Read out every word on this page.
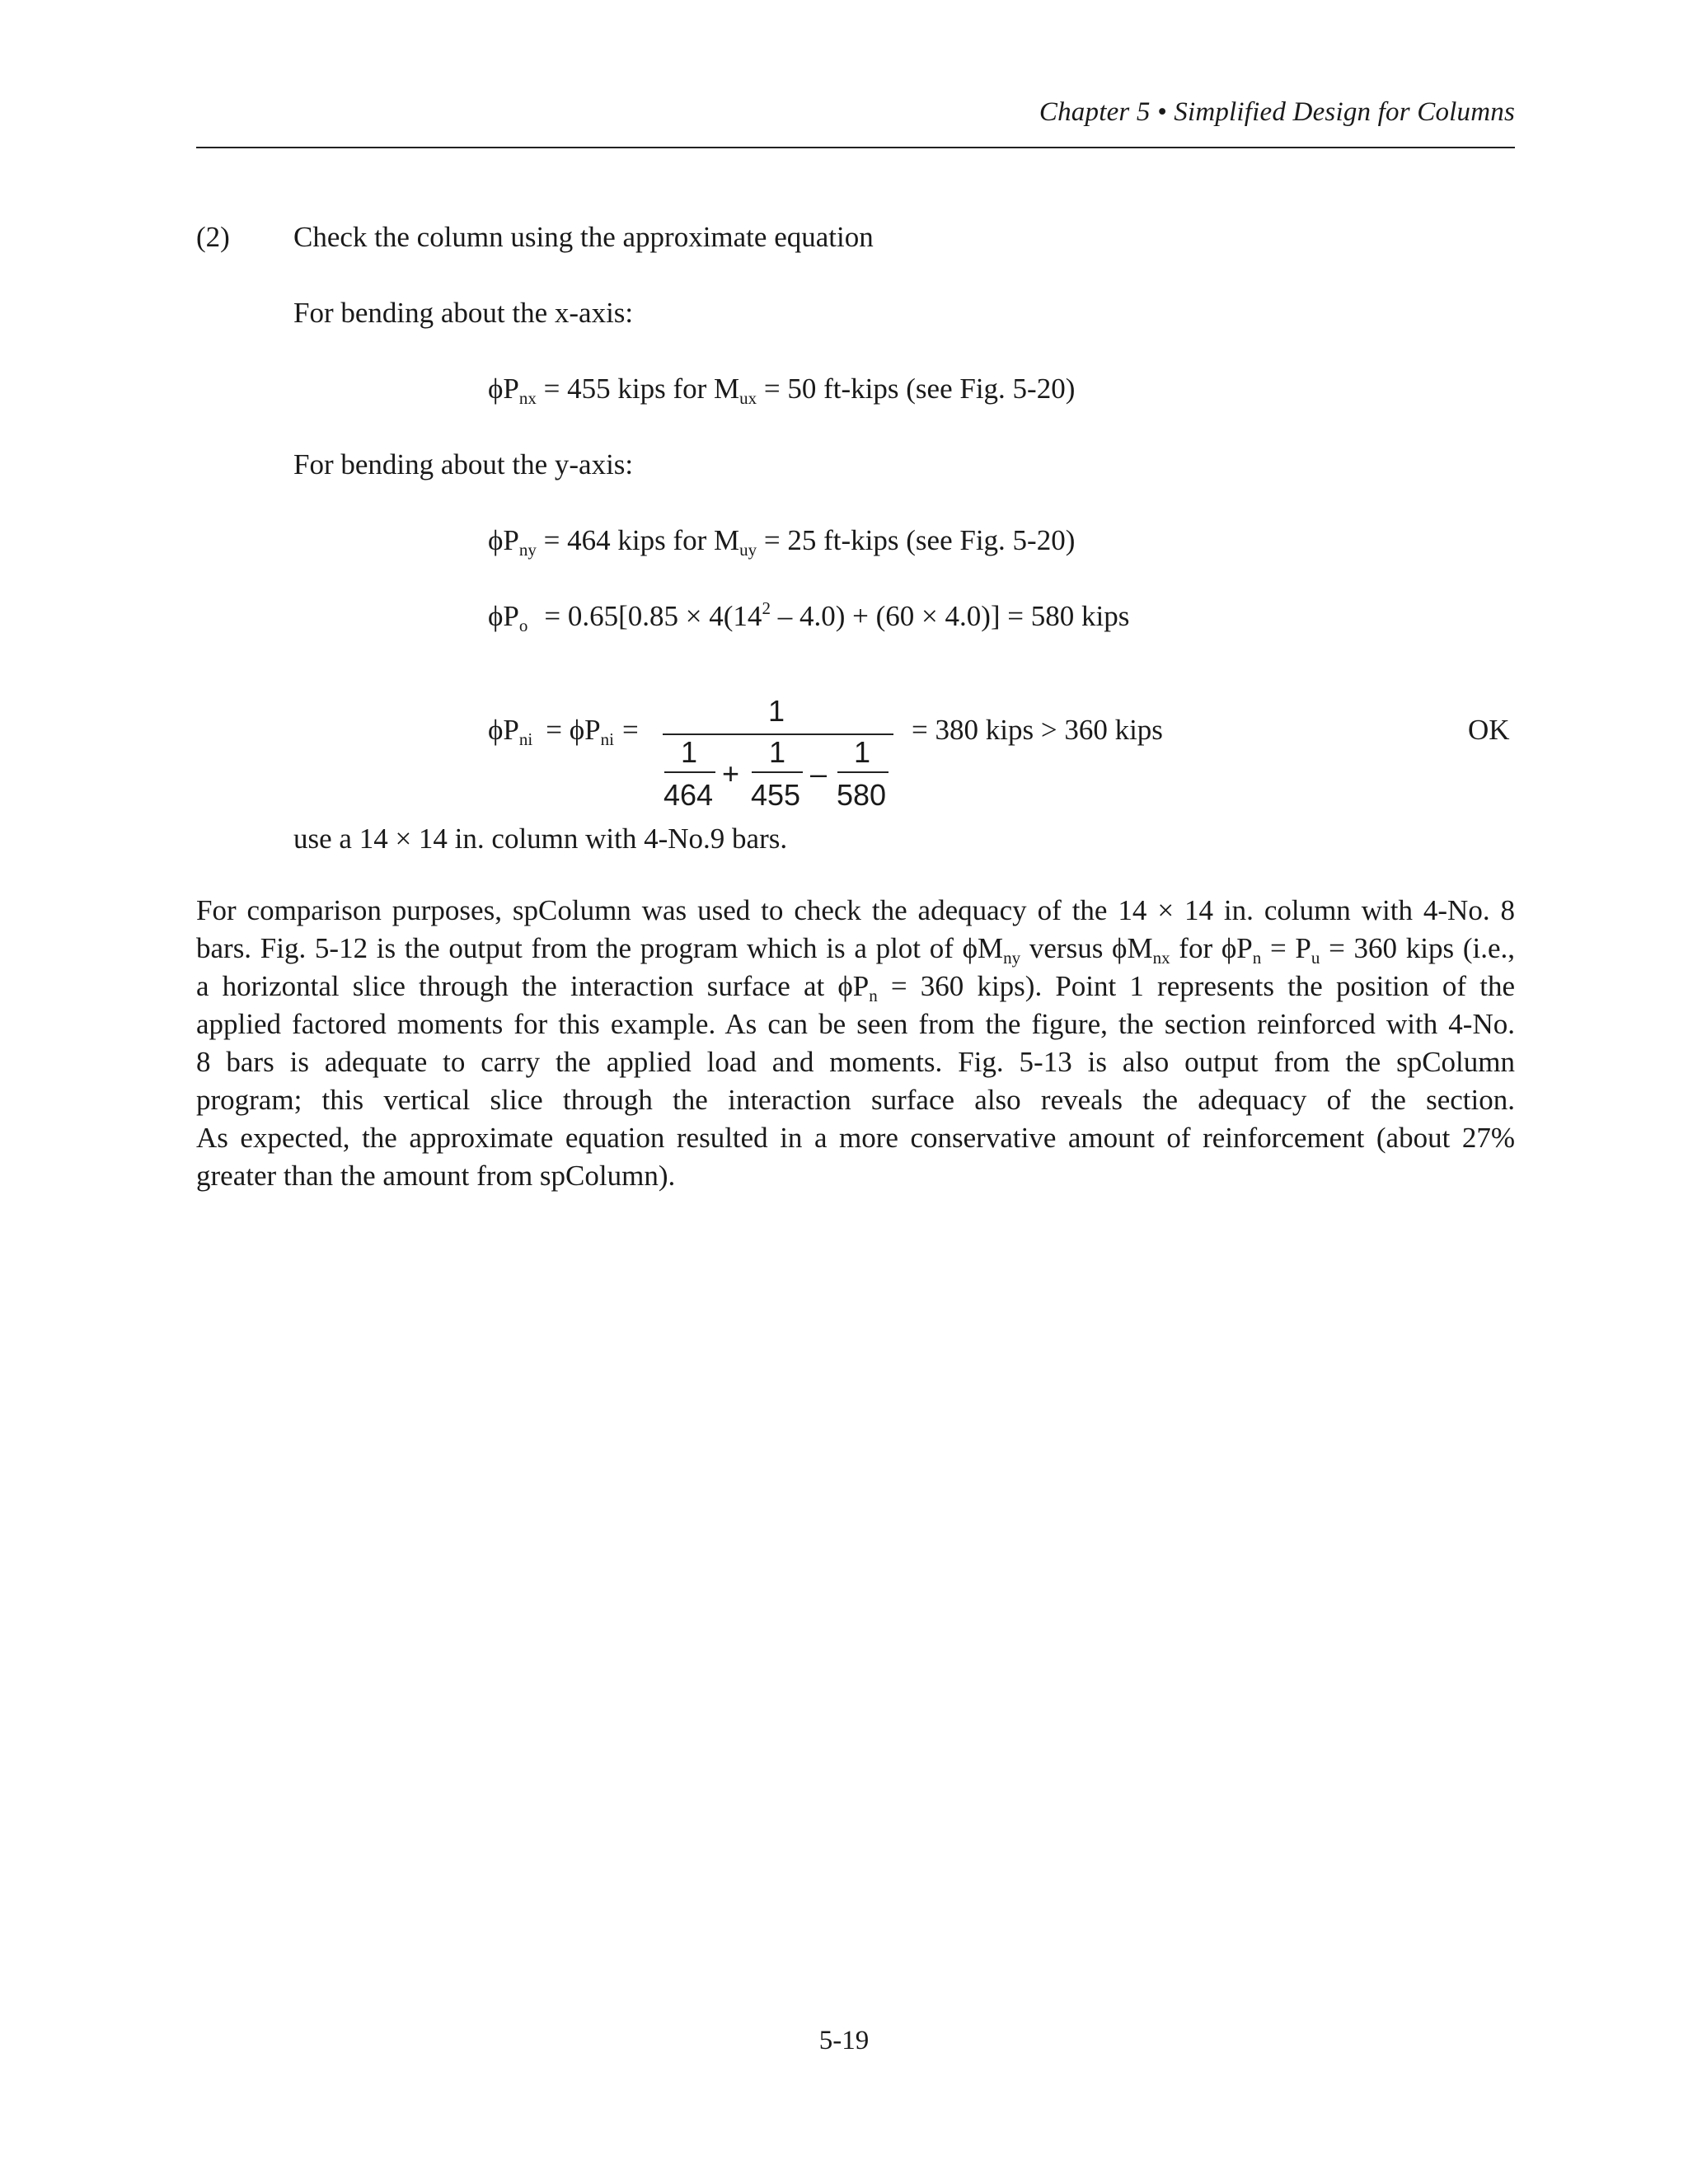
Chapter 5 • Simplified Design for Columns
(2) Check the column using the approximate equation
For bending about the x-axis:
$\phi P_{nx} = 455$ kips for $M_{ux} = 50$ ft-kips (see Fig. 5-20)
For bending about the y-axis:
$\phi P_{ny} = 464$ kips for $M_{uy} = 25$ ft-kips (see Fig. 5-20)
$\phi P_o = 0.65[0.85 \times 4(14^2 - 4.0) + (60 \times 4.0)] = 580$ kips
$\phi P_{ni} = \phi P_{ni}$ =
1
1
464
+
1
455
–
1
580
= 380 kips > 360 kips	OK
use a 14 × 14 in. column with 4-No.9 bars.
For comparison purposes, spColumn was used to check the adequacy of the 14 × 14 in. column with 4-No. 8
bars. Fig. 5-12 is the output from the program which is a plot of $\phi M_{ny}$ versus $\phi M_{nx}$ for $\phi P_n = P_u = 360$ kips (i.e.,
a horizontal slice through the interaction surface at $\phi P_n = 360$ kips). Point 1 represents the position of the
applied factored moments for this example. As can be seen from the figure, the section reinforced with 4-No.
8 bars is adequate to carry the applied load and moments. Fig. 5-13 is also output from the spColumn
program; this vertical slice through the interaction surface also reveals the adequacy of the section.
As expected, the approximate equation resulted in a more conservative amount of reinforcement (about 27%
greater than the amount from spColumn).
5-19
